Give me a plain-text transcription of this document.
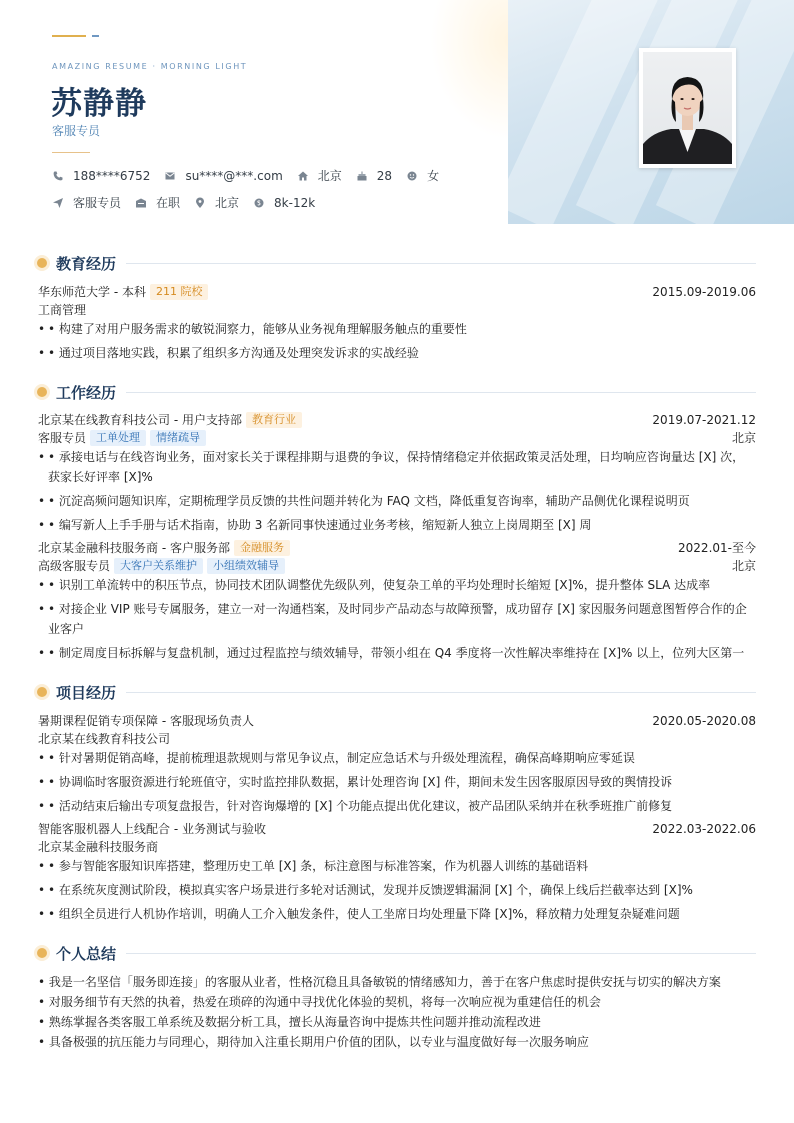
AMAZING RESUME · MORNING LIGHT
苏静静
客服专员
188****6752	su****@***.com	北京	28	女
客服专员	在职	北京	8k-12k
教育经历
华东师范大学 - 本科 211 院校	2015.09-2019.06
工商管理
• • 构建了对用户服务需求的敏锐洞察力，能够从业务视角理解服务触点的重要性
• • 通过项目落地实践，积累了组织多方沟通及处理突发诉求的实战经验
工作经历
北京某在线教育科技公司 - 用户支持部 教育行业	2019.07-2021.12
客服专员 工单处理 情绪疏导	北京
• • 承接电话与在线咨询业务，面对家长关于课程排期与退费的争议，保持情绪稳定并依据政策灵活处理，日均响应咨询量达 [X] 次，获家长好评率 [X]%
• • 沉淀高频问题知识库，定期梳理学员反馈的共性问题并转化为 FAQ 文档，降低重复咨询率，辅助产品侧优化课程说明页
• • 编写新人上手手册与话术指南，协助 3 名新同事快速通过业务考核，缩短新人独立上岗周期至 [X] 周
北京某金融科技服务商 - 客户服务部 金融服务	2022.01-至今
高级客服专员 大客户关系维护 小组绩效辅导	北京
• • 识别工单流转中的积压节点，协同技术团队调整优先级队列，使复杂工单的平均处理时长缩短 [X]%，提升整体 SLA 达成率
• • 对接企业 VIP 账号专属服务，建立一对一沟通档案，及时同步产品动态与故障预警，成功留存 [X] 家因服务问题意图暂停合作的企业客户
• • 制定周度目标拆解与复盘机制，通过过程监控与绩效辅导，带领小组在 Q4 季度将一次性解决率维持在 [X]% 以上，位列大区第一
项目经历
暑期课程促销专项保障 - 客服现场负责人	2020.05-2020.08
北京某在线教育科技公司
• • 针对暑期促销高峰，提前梳理退款规则与常见争议点，制定应急话术与升级处理流程，确保高峰期响应零延误
• • 协调临时客服资源进行轮班值守，实时监控排队数据，累计处理咨询 [X] 件，期间未发生因客服原因导致的舆情投诉
• • 活动结束后输出专项复盘报告，针对咨询爆增的 [X] 个功能点提出优化建议，被产品团队采纳并在秋季班推广前修复
智能客服机器人上线配合 - 业务测试与验收	2022.03-2022.06
北京某金融科技服务商
• • 参与智能客服知识库搭建，整理历史工单 [X] 条，标注意图与标准答案，作为机器人训练的基础语料
• • 在系统灰度测试阶段，模拟真实客户场景进行多轮对话测试，发现并反馈逻辑漏洞 [X] 个，确保上线后拦截率达到 [X]%
• • 组织全员进行人机协作培训，明确人工介入触发条件，使人工坐席日均处理量下降 [X]%，释放精力处理复杂疑难问题
个人总结
• 我是一名坚信「服务即连接」的客服从业者，性格沉稳且具备敏锐的情绪感知力，善于在客户焦虑时提供安抚与切实的解决方案
• 对服务细节有天然的执着，热爱在琐碎的沟通中寻找优化体验的契机，将每一次响应视为重建信任的机会
• 熟练掌握各类客服工单系统及数据分析工具，擅长从海量咨询中提炼共性问题并推动流程改进
• 具备极强的抗压能力与同理心，期待加入注重长期用户价值的团队，以专业与温度做好每一次服务响应
